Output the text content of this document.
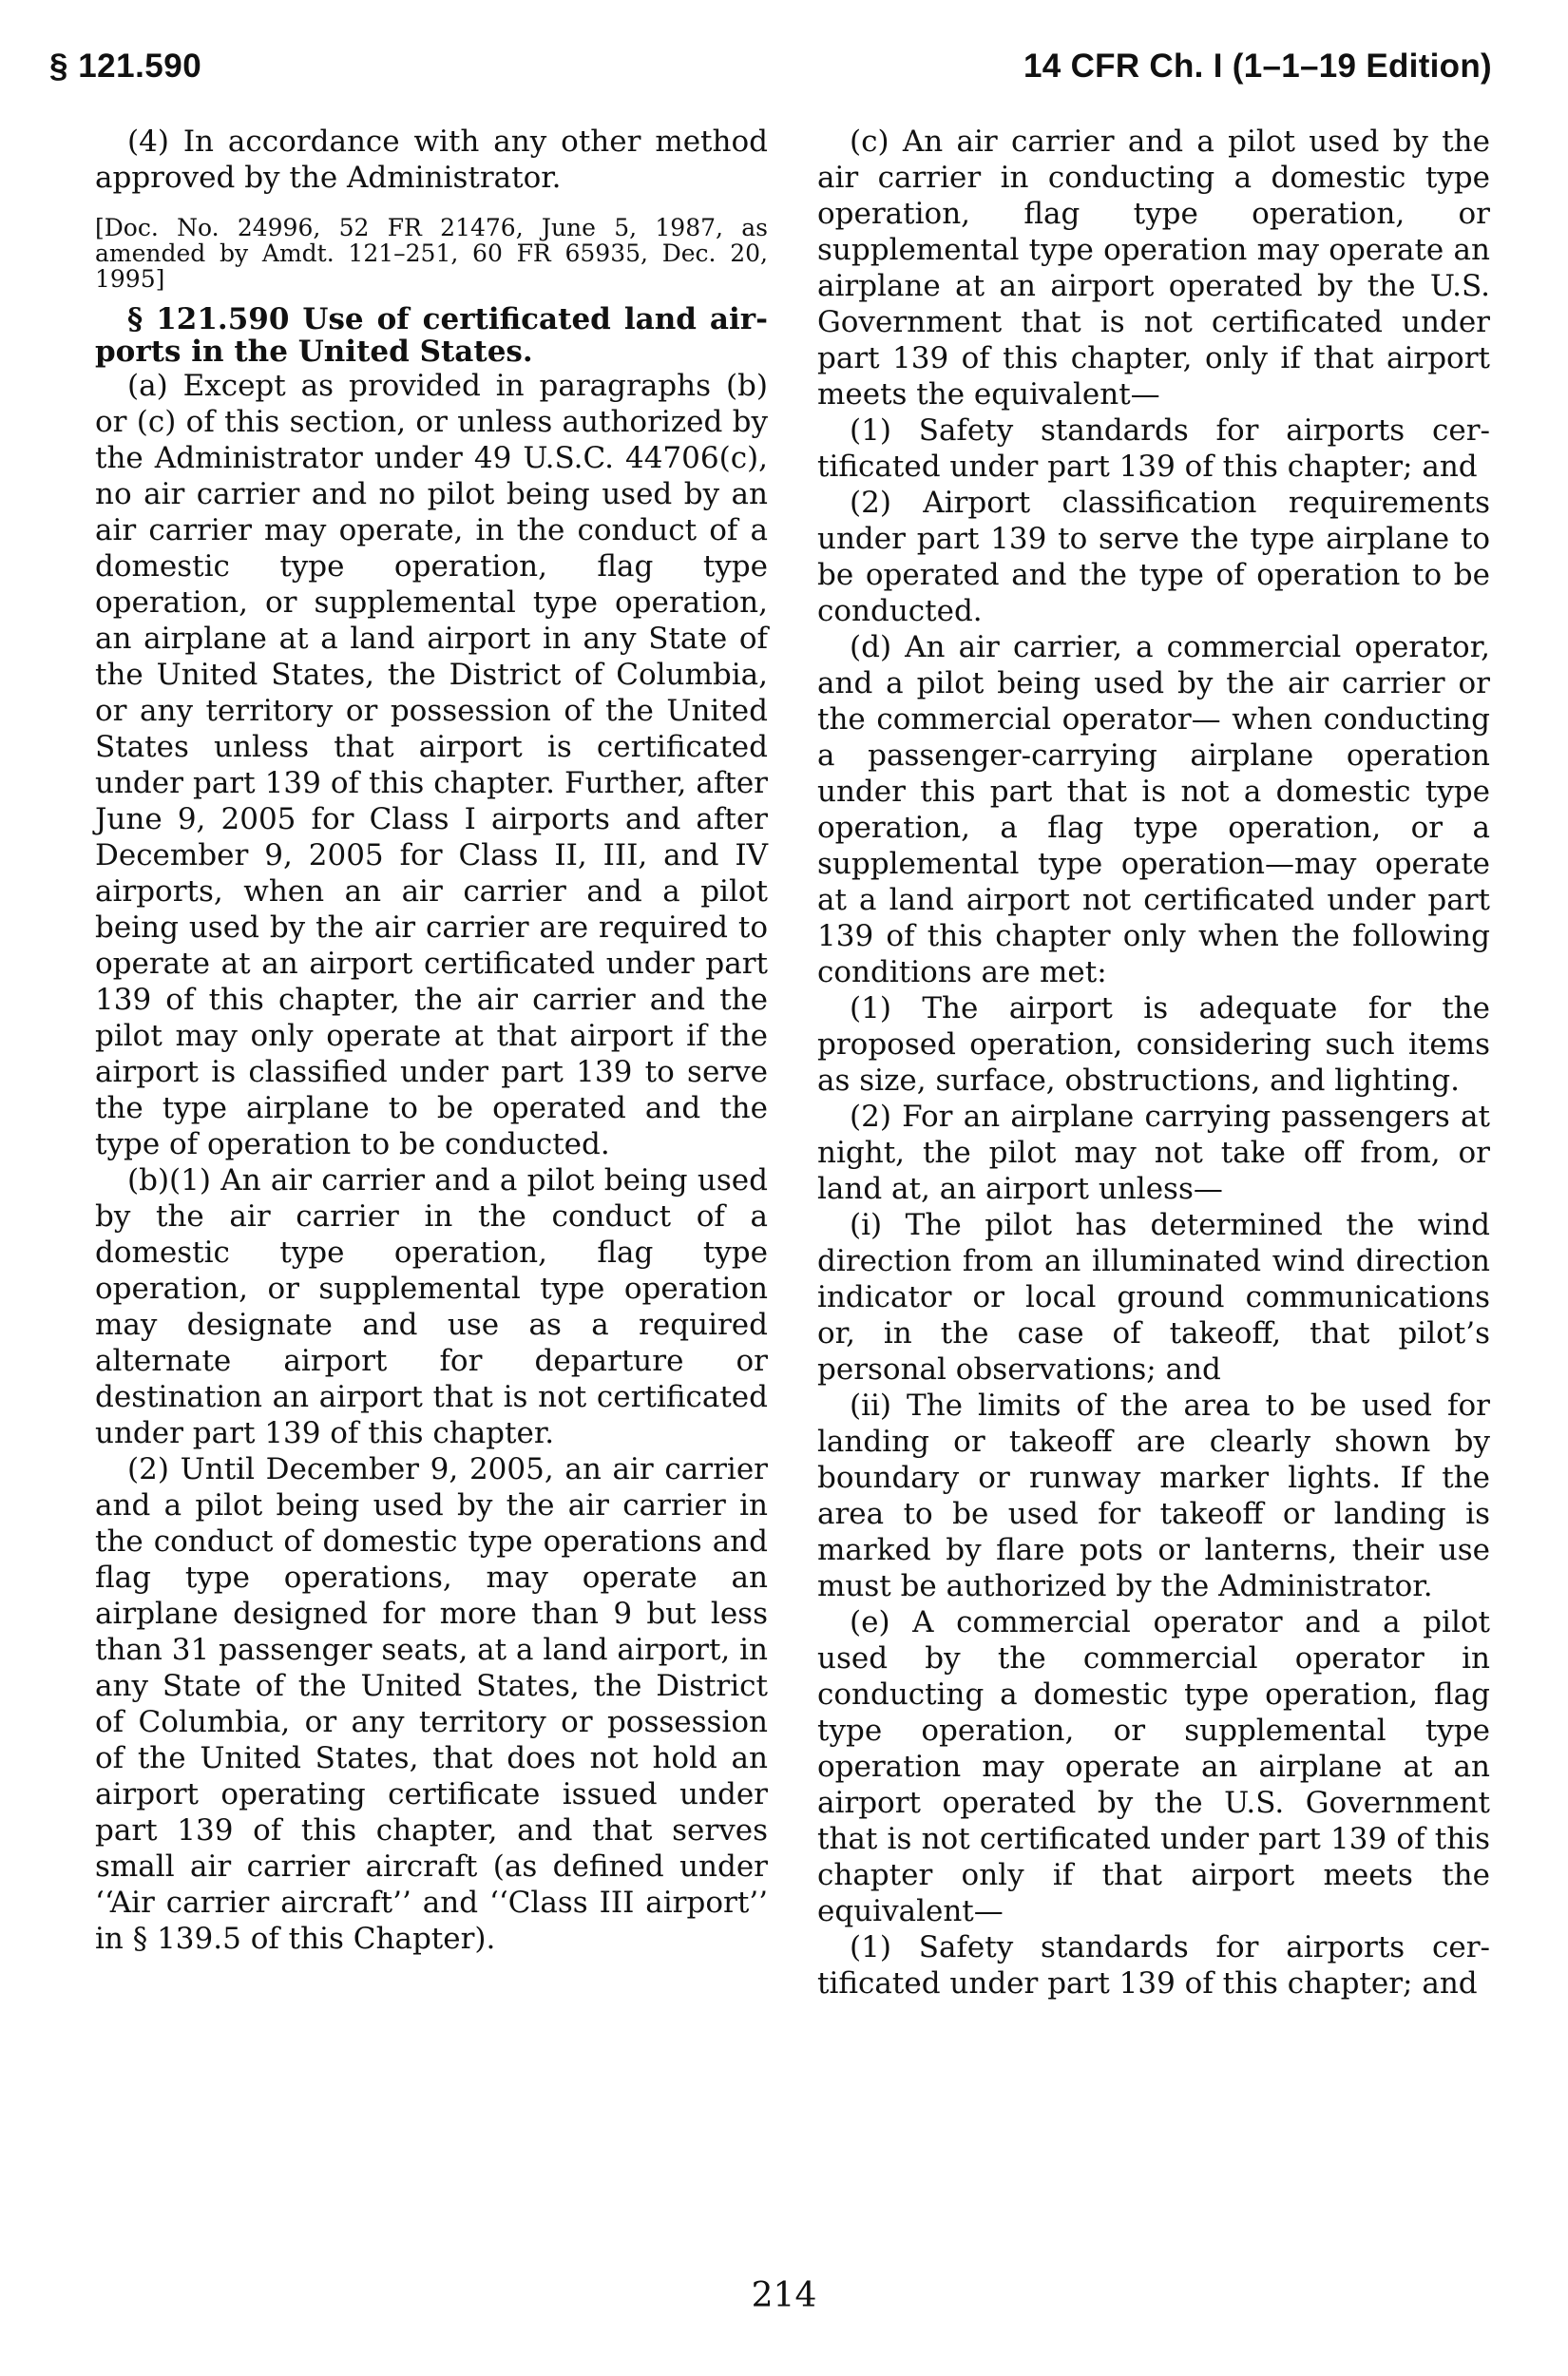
§ 121.590	14 CFR Ch. I (1–1–19 Edition)

(4) In accordance with any other method approved by the Administrator.

[Doc. No. 24996, 52 FR 21476, June 5, 1987, as amended by Amdt. 121–251, 60 FR 65935, Dec. 20, 1995]

§ 121.590 Use of certificated land airports in the United States.

(a) Except as provided in paragraphs (b) or (c) of this section, or unless authorized by the Administrator under 49 U.S.C. 44706(c), no air carrier and no pilot being used by an air carrier may operate, in the conduct of a domestic type operation, flag type operation, or supplemental type operation, an airplane at a land airport in any State of the United States, the District of Columbia, or any territory or possession of the United States unless that airport is certificated under part 139 of this chapter. Further, after June 9, 2005 for Class I airports and after December 9, 2005 for Class II, III, and IV airports, when an air carrier and a pilot being used by the air carrier are required to operate at an airport certificated under part 139 of this chapter, the air carrier and the pilot may only operate at that airport if the airport is classified under part 139 to serve the type airplane to be operated and the type of operation to be conducted.

(b)(1) An air carrier and a pilot being used by the air carrier in the conduct of a domestic type operation, flag type operation, or supplemental type operation may designate and use as a required alternate airport for departure or destination an airport that is not certificated under part 139 of this chapter.

(2) Until December 9, 2005, an air carrier and a pilot being used by the air carrier in the conduct of domestic type operations and flag type operations, may operate an airplane designed for more than 9 but less than 31 passenger seats, at a land airport, in any State of the United States, the District of Columbia, or any territory or possession of the United States, that does not hold an airport operating certificate issued under part 139 of this chapter, and that serves small air carrier aircraft (as defined under ‘‘Air carrier aircraft’’ and ‘‘Class III airport’’ in § 139.5 of this Chapter).

(c) An air carrier and a pilot used by the air carrier in conducting a domestic type operation, flag type operation, or supplemental type operation may operate an airplane at an airport operated by the U.S. Government that is not certificated under part 139 of this chapter, only if that airport meets the equivalent—

(1) Safety standards for airports certificated under part 139 of this chapter; and

(2) Airport classification requirements under part 139 to serve the type airplane to be operated and the type of operation to be conducted.

(d) An air carrier, a commercial operator, and a pilot being used by the air carrier or the commercial operator— when conducting a passenger-carrying airplane operation under this part that is not a domestic type operation, a flag type operation, or a supplemental type operation—may operate at a land airport not certificated under part 139 of this chapter only when the following conditions are met:

(1) The airport is adequate for the proposed operation, considering such items as size, surface, obstructions, and lighting.

(2) For an airplane carrying passengers at night, the pilot may not take off from, or land at, an airport unless—

(i) The pilot has determined the wind direction from an illuminated wind direction indicator or local ground communications or, in the case of takeoff, that pilot’s personal observations; and

(ii) The limits of the area to be used for landing or takeoff are clearly shown by boundary or runway marker lights. If the area to be used for takeoff or landing is marked by flare pots or lanterns, their use must be authorized by the Administrator.

(e) A commercial operator and a pilot used by the commercial operator in conducting a domestic type operation, flag type operation, or supplemental type operation may operate an airplane at an airport operated by the U.S. Government that is not certificated under part 139 of this chapter only if that airport meets the equivalent—

(1) Safety standards for airports certificated under part 139 of this chapter; and

214
